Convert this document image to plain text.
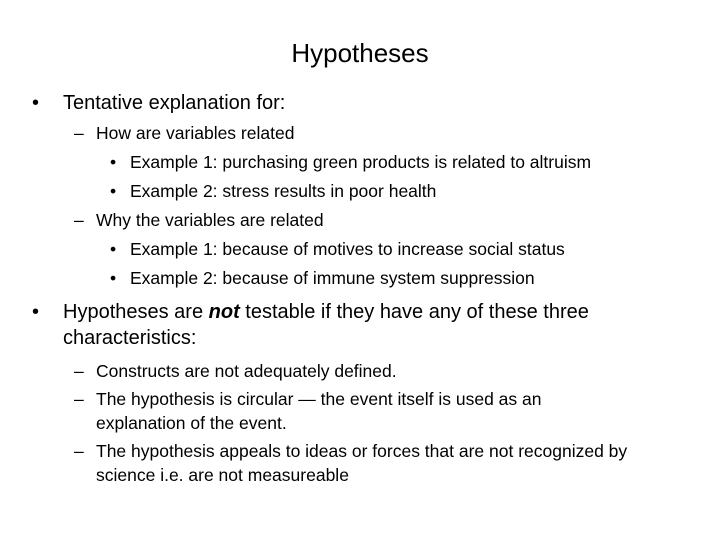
Hypotheses
• Tentative explanation for:
– How are variables related
• Example 1: purchasing green products is related to altruism
• Example 2: stress results in poor health
– Why the variables are related
• Example 1: because of motives to increase social status
• Example 2: because of immune system suppression
• Hypotheses are not testable if they have any of these three
characteristics:
– Constructs are not adequately defined.
– The hypothesis is circular — the event itself is used as an
explanation of the event.
– The hypothesis appeals to ideas or forces that are not recognized by
science i.e. are not measureable
